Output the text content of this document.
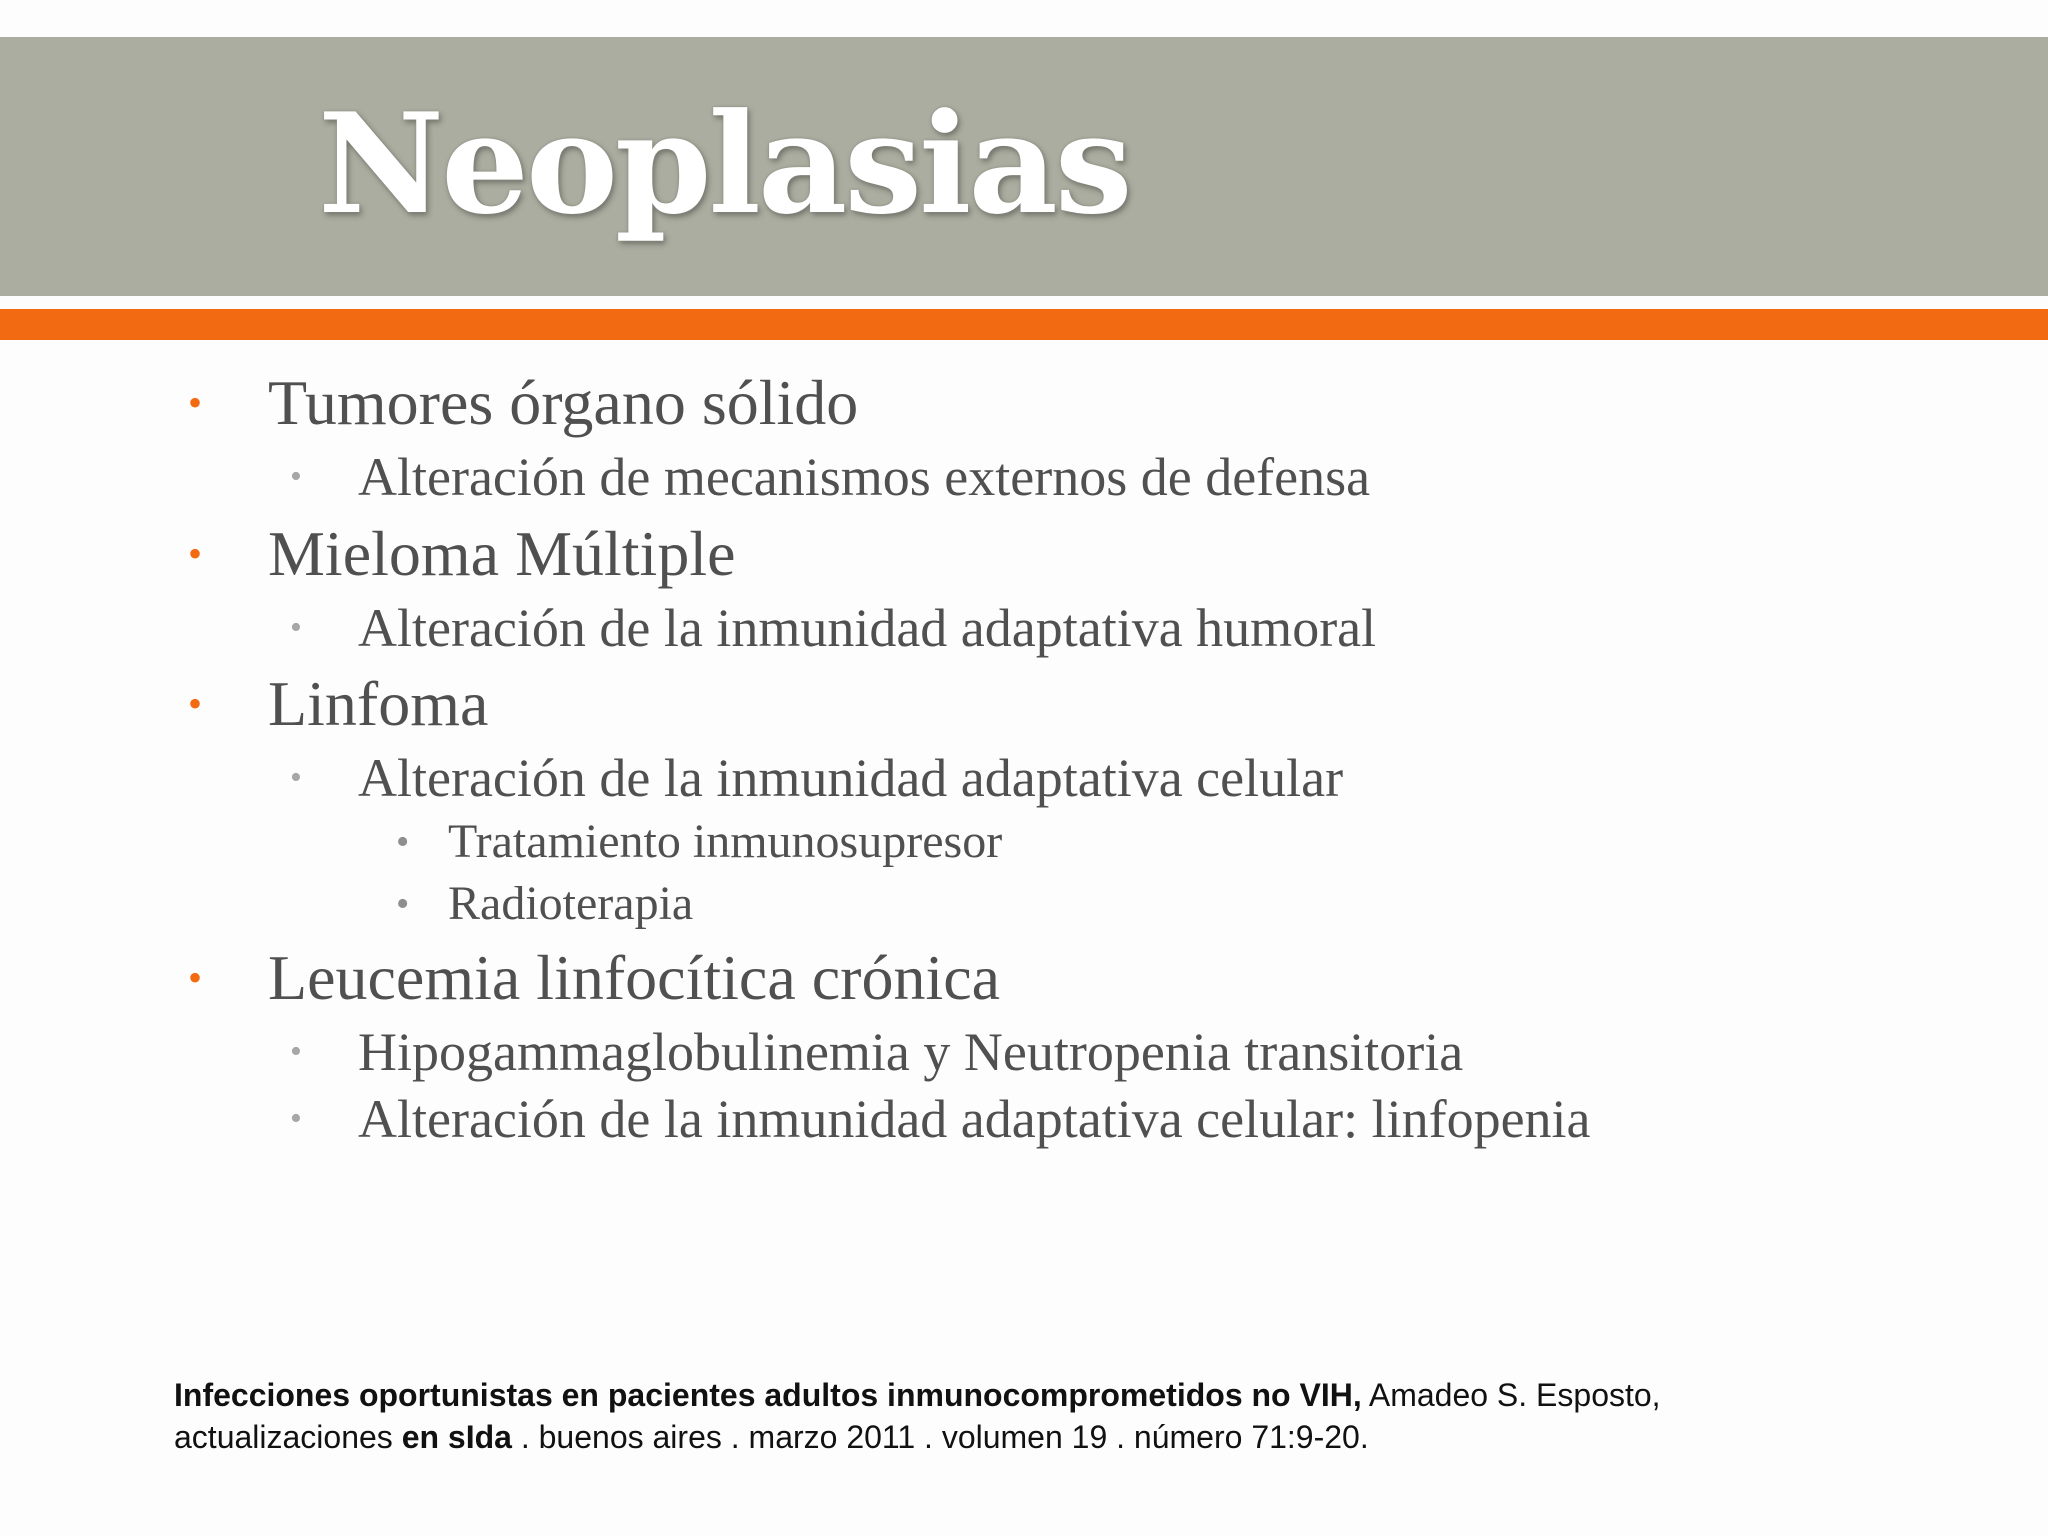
Neoplasias
• Tumores órgano sólido
• Alteración de mecanismos externos de defensa
• Mieloma Múltiple
• Alteración de la inmunidad adaptativa humoral
• Linfoma
• Alteración de la inmunidad adaptativa celular
• Tratamiento inmunosupresor
• Radioterapia
• Leucemia linfocítica crónica
• Hipogammaglobulinemia y Neutropenia transitoria
• Alteración de la inmunidad adaptativa celular: linfopenia
Infecciones oportunistas en pacientes adultos inmunocomprometidos no VIH, Amadeo S. Esposto,
actualizaciones en sIda . buenos aires . marzo 2011 . volumen 19 . número 71:9-20.
